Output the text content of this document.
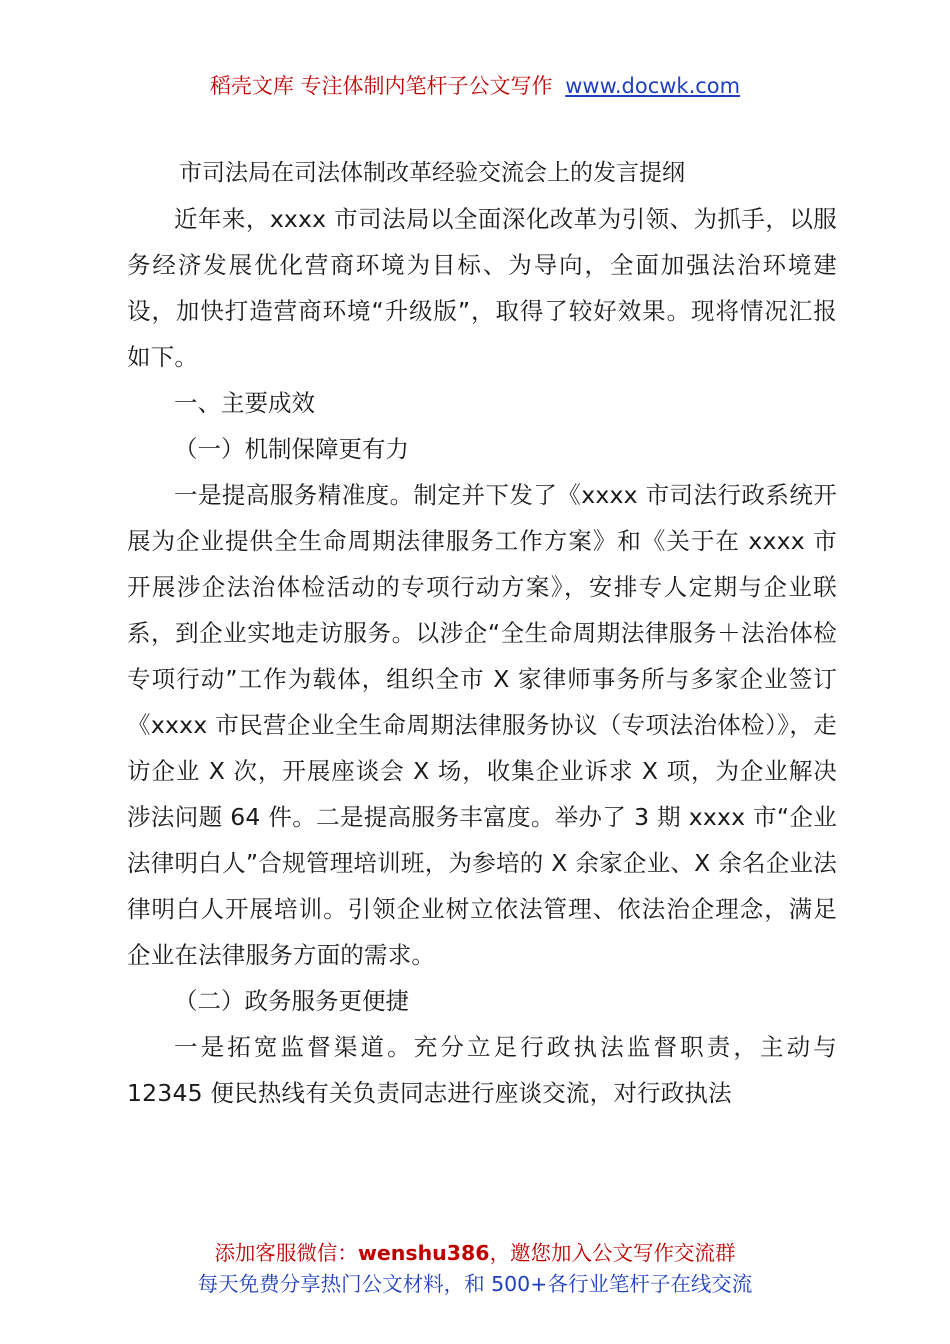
稻壳文库 专注体制内笔杆子公文写作 www.docwk.com
市司法局在司法体制改革经验交流会上的发言提纲

近年来，xxxx 市司法局以全面深化改革为引领、为抓手，以服务经济发展优化营商环境为目标、为导向，全面加强法治环境建设，加快打造营商环境“升级版”，取得了较好效果。现将情况汇报如下。

一、主要成效

（一）机制保障更有力

一是提高服务精准度。制定并下发了《xxxx 市司法行政系统开展为企业提供全生命周期法律服务工作方案》和《关于在 xxxx 市开展涉企法治体检活动的专项行动方案》，安排专人定期与企业联系，到企业实地走访服务。以涉企“全生命周期法律服务＋法治体检专项行动”工作为载体，组织全市 X 家律师事务所与多家企业签订《xxxx 市民营企业全生命周期法律服务协议（专项法治体检）》，走访企业 X 次，开展座谈会 X 场，收集企业诉求 X 项，为企业解决涉法问题 64 件。二是提高服务丰富度。举办了 3 期 xxxx 市“企业法律明白人”合规管理培训班，为参培的 X 余家企业、X 余名企业法律明白人开展培训。引领企业树立依法管理、依法治企理念，满足企业在法律服务方面的需求。

（二）政务服务更便捷

一是拓宽监督渠道。充分立足行政执法监督职责，主动与 12345 便民热线有关负责同志进行座谈交流，对行政执法

添加客服微信：wenshu386，邀您加入公文写作交流群
每天免费分享热门公文材料，和 500+各行业笔杆子在线交流
